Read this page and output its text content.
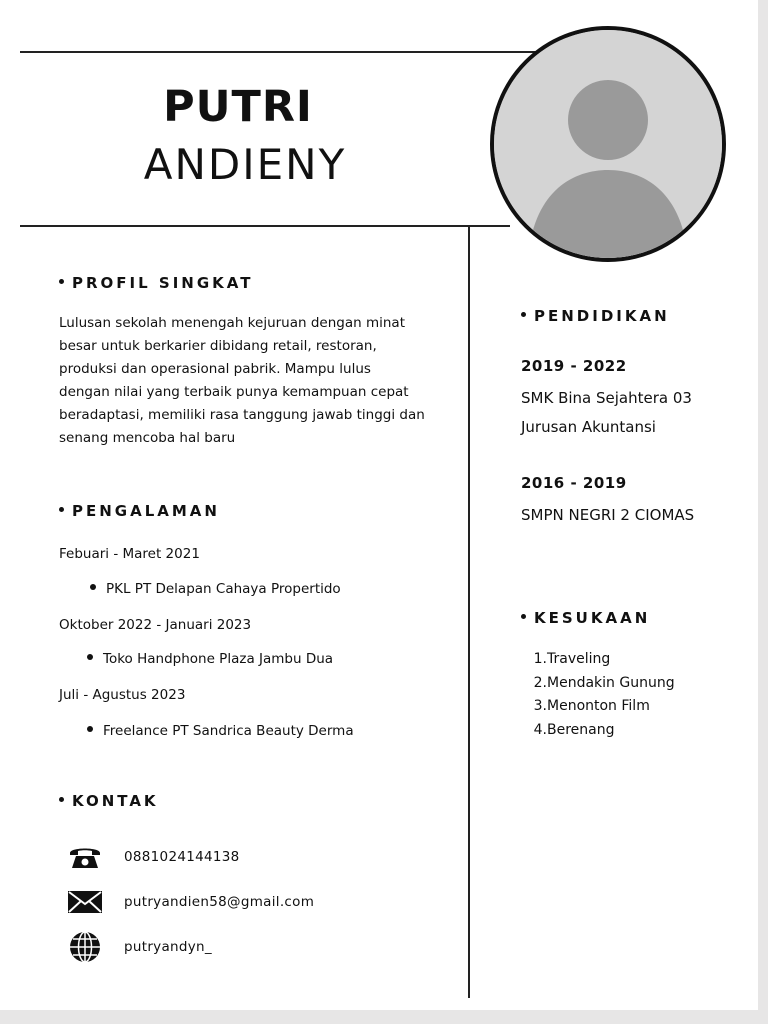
PUTRI
ANDIENY
PROFIL SINGKAT
Lulusan sekolah menengah kejuruan dengan minat
besar untuk berkarier dibidang retail, restoran,
produksi dan operasional pabrik. Mampu lulus
dengan nilai yang terbaik punya kemampuan cepat
beradaptasi, memiliki rasa tanggung jawab tinggi dan
senang mencoba hal baru
PENGALAMAN
Febuari - Maret 2021
PKL PT Delapan Cahaya Propertido
Oktober 2022 - Januari 2023
Toko Handphone Plaza Jambu Dua
Juli - Agustus 2023
Freelance PT Sandrica Beauty Derma
KONTAK
0881024144138
putryandien58@gmail.com
putryandyn_
PENDIDIKAN
2019 - 2022
SMK Bina Sejahtera 03
Jurusan Akuntansi
2016 - 2019
SMPN NEGRI 2 CIOMAS
KESUKAAN
1.Traveling
2.Mendakin Gunung
3.Menonton Film
4.Berenang
